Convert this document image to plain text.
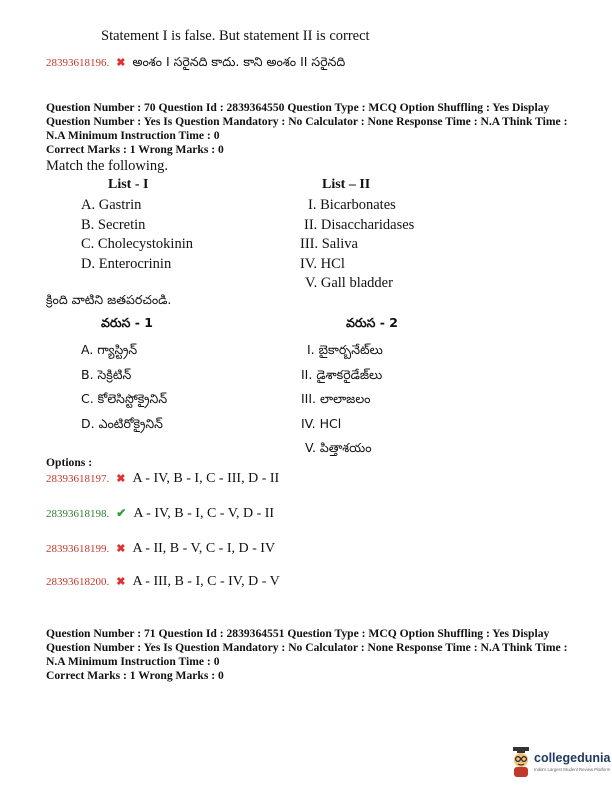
Statement I is false. But statement II is correct
28393618196. ✖ అంశం I సరైనది కాదు. కాని అంశం II సరైనది
Question Number : 70 Question Id : 2839364550 Question Type : MCQ Option Shuffling : Yes Display
Question Number : Yes Is Question Mandatory : No Calculator : None Response Time : N.A Think Time :
N.A Minimum Instruction Time : 0
Correct Marks : 1 Wrong Marks : 0
Match the following.
List - I	List – II
A. Gastrin
B. Secretin
C. Cholecystokinin
D. Enterocrinin
I. Bicarbonates
II. Disaccharidases
III. Saliva
IV. HCl
V. Gall bladder
క్రింది వాటిని జతపరచండి.
వరుస - 1	వరుస - 2
A. గ్యాస్ట్రిన్
B. సెక్రిటిన్
C. కోలెసిస్టోక్రైనిన్
D. ఎంటిరోక్రైనిన్
I. బైకార్బనేట్‌లు
II. డైశాకరైడేజ్‌లు
III. లాలాజలం
IV. HCl
V. పిత్తాశయం
Options :
28393618197. ✖ A - IV, B - I, C - III, D - II
28393618198. ✔ A - IV, B - I, C - V, D - II
28393618199. ✖ A - II, B - V, C - I, D - IV
28393618200. ✖ A - III, B - I, C - IV, D - V
Question Number : 71 Question Id : 2839364551 Question Type : MCQ Option Shuffling : Yes Display
Question Number : Yes Is Question Mandatory : No Calculator : None Response Time : N.A Think Time :
N.A Minimum Instruction Time : 0
Correct Marks : 1 Wrong Marks : 0
collegedunia
India's Largest Student Review Platform
